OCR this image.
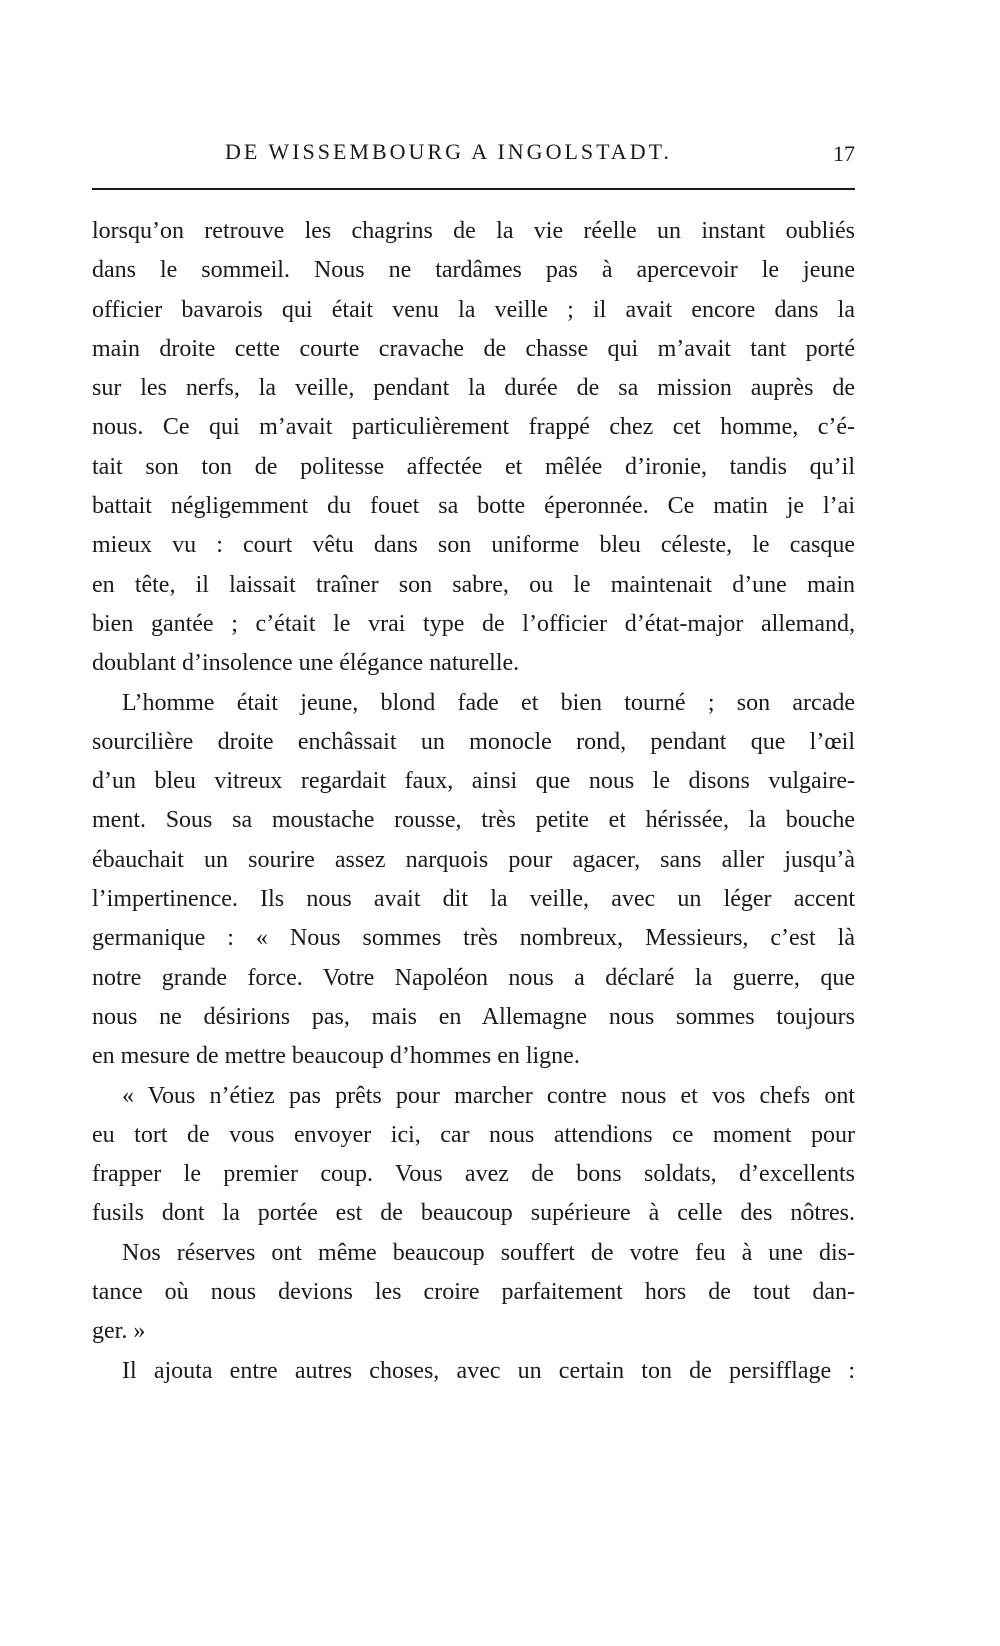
DE WISSEMBOURG A INGOLSTADT.	17
lorsqu’on retrouve les chagrins de la vie réelle un instant oubliés
dans le sommeil. Nous ne tardâmes pas à apercevoir le jeune
officier bavarois qui était venu la veille ; il avait encore dans la
main droite cette courte cravache de chasse qui m’avait tant porté
sur les nerfs, la veille, pendant la durée de sa mission auprès de
nous. Ce qui m’avait particulièrement frappé chez cet homme, c’é-
tait son ton de politesse affectée et mêlée d’ironie, tandis qu’il
battait négligemment du fouet sa botte éperonnée. Ce matin je l’ai
mieux vu : court vêtu dans son uniforme bleu céleste, le casque
en tête, il laissait traîner son sabre, ou le maintenait d’une main
bien gantée ; c’était le vrai type de l’officier d’état-major allemand,
doublant d’insolence une élégance naturelle.
L’homme était jeune, blond fade et bien tourné ; son arcade
sourcilière droite enchâssait un monocle rond, pendant que l’œil
d’un bleu vitreux regardait faux, ainsi que nous le disons vulgaire-
ment. Sous sa moustache rousse, très petite et hérissée, la bouche
ébauchait un sourire assez narquois pour agacer, sans aller jusqu’à
l’impertinence. Ils nous avait dit la veille, avec un léger accent
germanique : « Nous sommes très nombreux, Messieurs, c’est là
notre grande force. Votre Napoléon nous a déclaré la guerre, que
nous ne désirions pas, mais en Allemagne nous sommes toujours
en mesure de mettre beaucoup d’hommes en ligne.
« Vous n’étiez pas prêts pour marcher contre nous et vos chefs ont
eu tort de vous envoyer ici, car nous attendions ce moment pour
frapper le premier coup. Vous avez de bons soldats, d’excellents
fusils dont la portée est de beaucoup supérieure à celle des nôtres.
Nos réserves ont même beaucoup souffert de votre feu à une dis-
tance où nous devions les croire parfaitement hors de tout dan-
ger. »
Il ajouta entre autres choses, avec un certain ton de persifflage :
